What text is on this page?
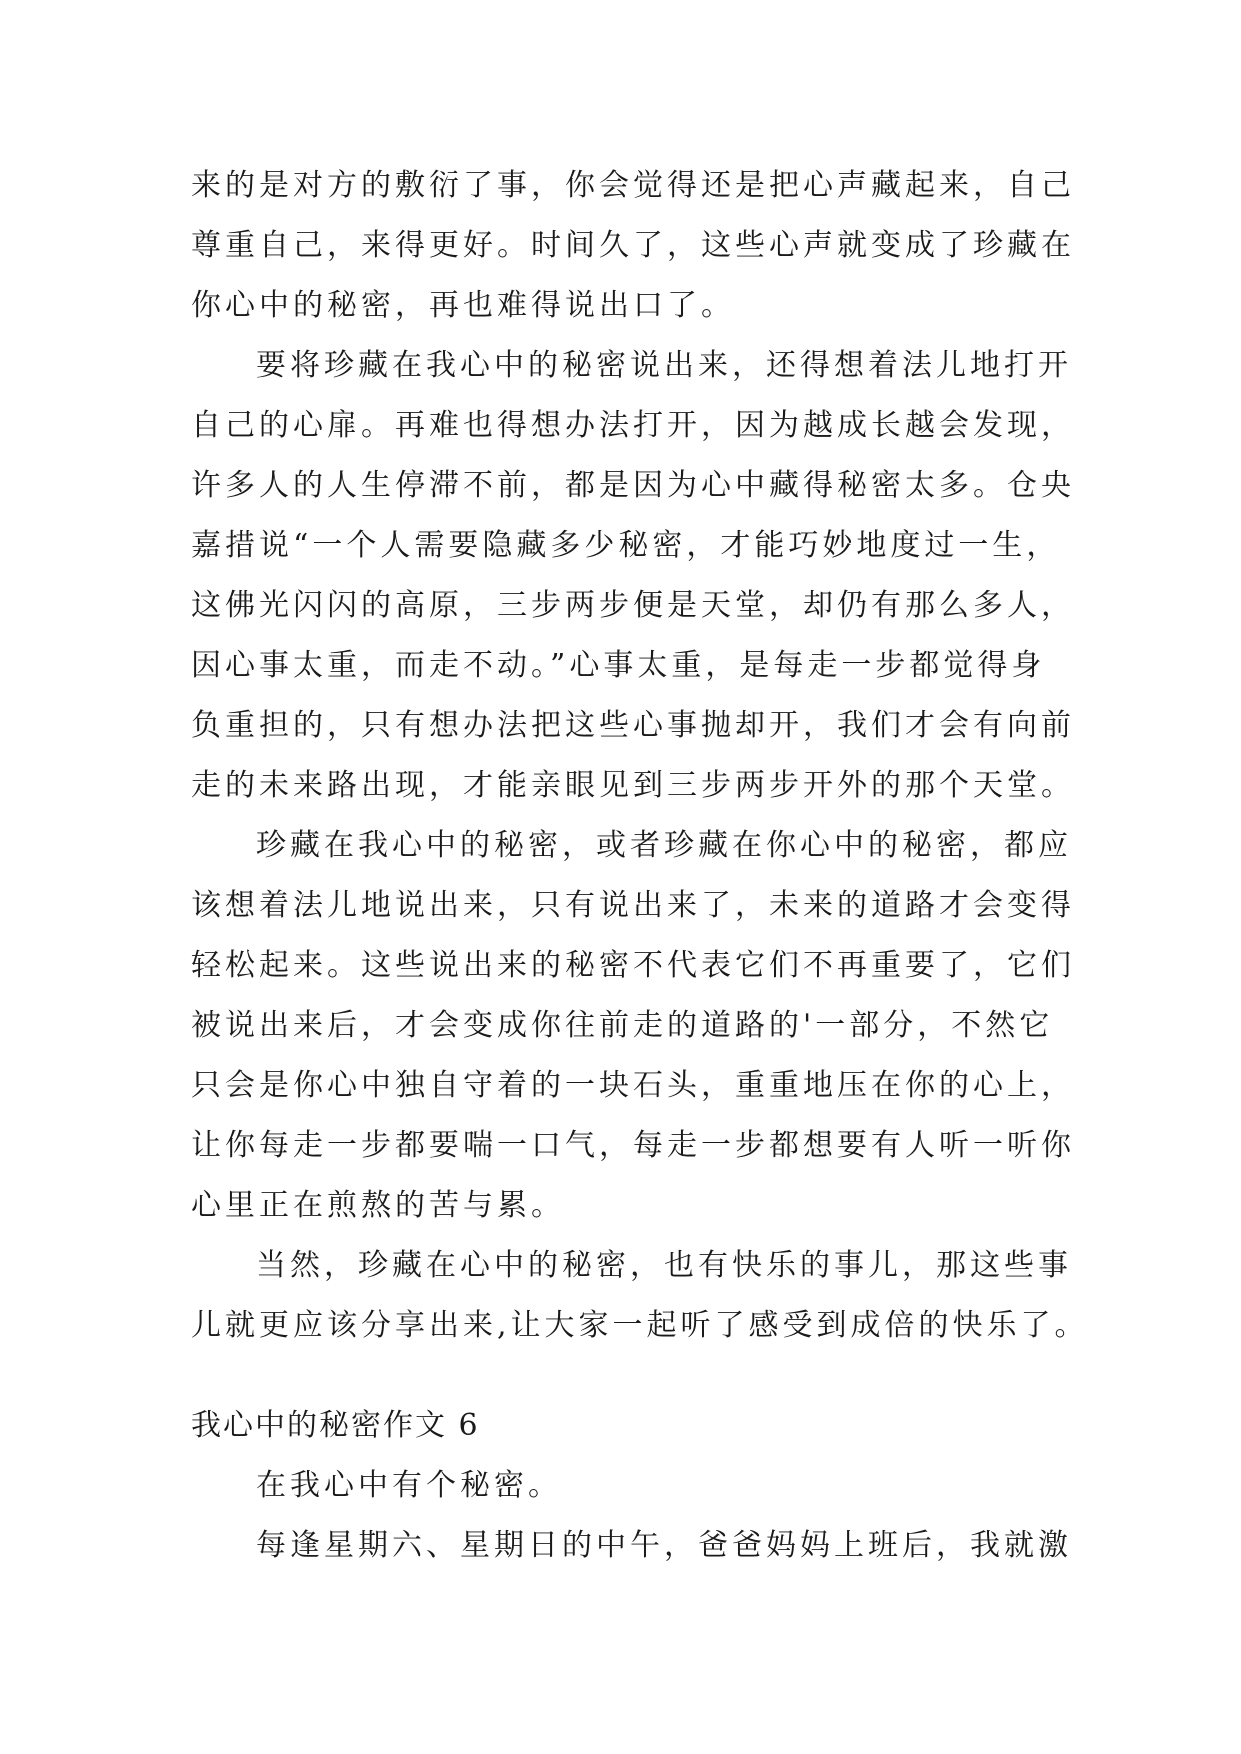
来的是对方的敷衍了事，你会觉得还是把心声藏起来，自己
尊重自己，来得更好。时间久了，这些心声就变成了珍藏在
你心中的秘密，再也难得说出口了。
要将珍藏在我心中的秘密说出来，还得想着法儿地打开
自己的心扉。再难也得想办法打开，因为越成长越会发现，
许多人的人生停滞不前，都是因为心中藏得秘密太多。仓央
嘉措说“一个人需要隐藏多少秘密，才能巧妙地度过一生，
这佛光闪闪的高原，三步两步便是天堂，却仍有那么多人，
因心事太重，而走不动。”心事太重，是每走一步都觉得身
负重担的，只有想办法把这些心事抛却开，我们才会有向前
走的未来路出现，才能亲眼见到三步两步开外的那个天堂。
珍藏在我心中的秘密，或者珍藏在你心中的秘密，都应
该想着法儿地说出来，只有说出来了，未来的道路才会变得
轻松起来。这些说出来的秘密不代表它们不再重要了，它们
被说出来后，才会变成你往前走的道路的'一部分，不然它
只会是你心中独自守着的一块石头，重重地压在你的心上，
让你每走一步都要喘一口气，每走一步都想要有人听一听你
心里正在煎熬的苦与累。
当然，珍藏在心中的秘密，也有快乐的事儿，那这些事
儿就更应该分享出来,让大家一起听了感受到成倍的快乐了。
我心中的秘密作文 6
在我心中有个秘密。
每逢星期六、星期日的中午，爸爸妈妈上班后，我就激
